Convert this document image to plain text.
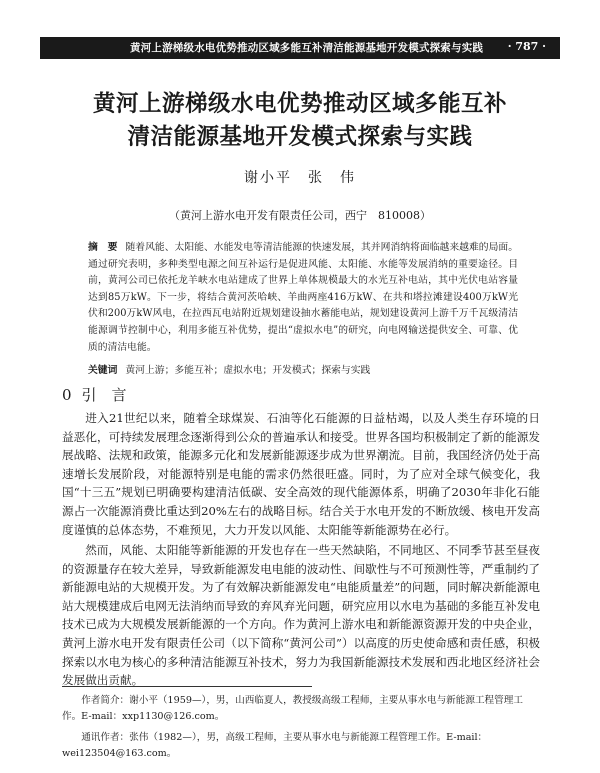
黄河上游梯级水电优势推动区域多能互补清洁能源基地开发模式探索与实践 · 787 ·
黄河上游梯级水电优势推动区域多能互补
清洁能源基地开发模式探索与实践
谢小平　张　伟
（黄河上游水电开发有限责任公司，西宁　810008）
摘　要 随着风能、太阳能、水能发电等清洁能源的快速发展，其并网消纳将面临越来越难的局面。通过研究表明，多种类型电源之间互补运行是促进风能、太阳能、水能等发展消纳的重要途径。目前，黄河公司已依托龙羊峡水电站建成了世界上单体规模最大的水光互补电站，其中光伏电站容量达到85万kW。下一步，将结合黄河茨哈峡、羊曲两座416万kW、在共和塔拉滩建设400万kW光伏和200万kW风电，在拉西瓦电站附近规划建设抽水蓄能电站，规划建设黄河上游千万千瓦级清洁能源调节控制中心，利用多能互补优势，提出“虚拟水电”的研究，向电网输送提供安全、可靠、优质的清洁电能。
关键词 黄河上游；多能互补；虚拟水电；开发模式；探索与实践
0 引　言

进入21世纪以来，随着全球煤炭、石油等化石能源的日益枯竭，以及人类生存环境的日益恶化，可持续发展理念逐渐得到公众的普遍承认和接受。世界各国均积极制定了新的能源发展战略、法规和政策，能源多元化和发展新能源逐步成为世界潮流。目前，我国经济仍处于高速增长发展阶段，对能源特别是电能的需求仍然很旺盛。同时，为了应对全球气候变化，我国“十三五”规划已明确要构建清洁低碳、安全高效的现代能源体系，明确了2030年非化石能源占一次能源消费比重达到20%左右的战略目标。结合关于水电开发的不断放缓、核电开发高度谨慎的总体态势，不难预见，大力开发以风能、太阳能等新能源势在必行。

然而，风能、太阳能等新能源的开发也存在一些天然缺陷，不同地区、不同季节甚至昼夜的资源量存在较大差异，导致新能源发电电能的波动性、间歇性与不可预测性等，严重制约了新能源电站的大规模开发。为了有效解决新能源发电“电能质量差”的问题，同时解决新能源电站大规模建成后电网无法消纳而导致的弃风弃光问题，研究应用以水电为基础的多能互补发电技术已成为大规模发展新能源的一个方向。作为黄河上游水电和新能源资源开发的中央企业，黄河上游水电开发有限责任公司（以下简称“黄河公司”）以高度的历史使命感和责任感，积极探索以水电为核心的多种清洁能源互补技术，努力为我国新能源技术发展和西北地区经济社会发展做出贡献。

作者简介：谢小平（1959—），男，山西临夏人，教授级高级工程师，主要从事水电与新能源工程管理工作。E-mail：xxp1130@126.com。

通讯作者：张伟（1982—），男，高级工程师，主要从事水电与新能源工程管理工作。E-mail：wei123504@163.com。
